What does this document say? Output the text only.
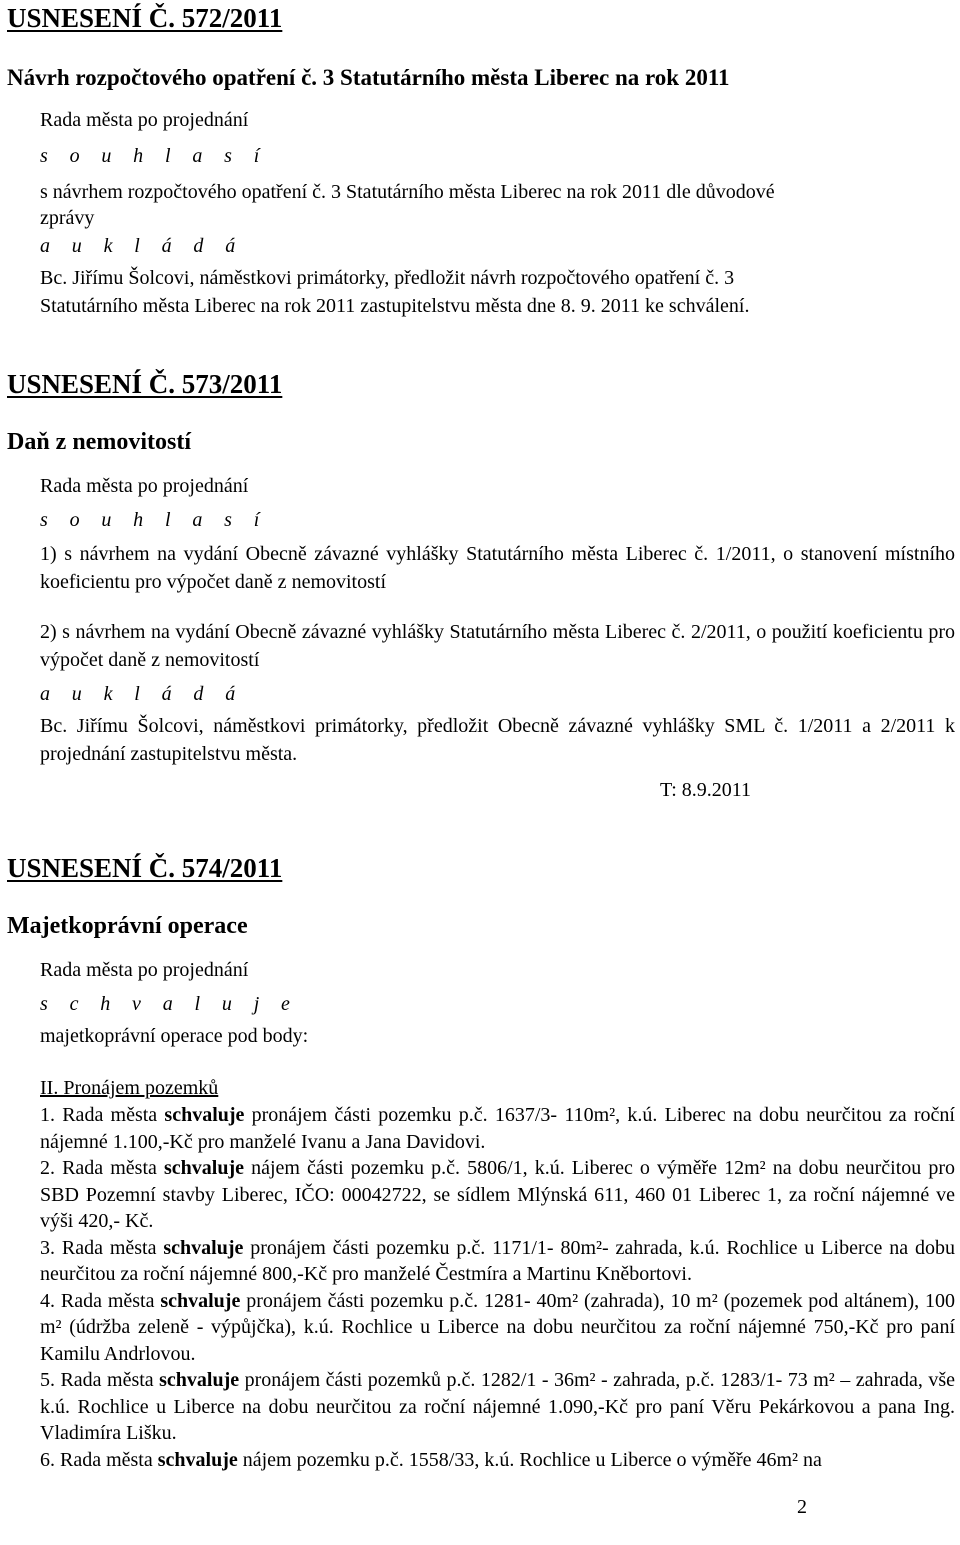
USNESENÍ Č. 572/2011
Návrh rozpočtového opatření č. 3 Statutárního města Liberec na rok 2011
Rada města po projednání
s o u h l a s í
s návrhem rozpočtového opatření č. 3 Statutárního města Liberec na rok 2011 dle důvodové
zprávy
a u k l á d á
Bc. Jiřímu Šolcovi, náměstkovi primátorky, předložit návrh rozpočtového opatření č. 3
Statutárního města Liberec na rok 2011 zastupitelstvu města dne 8. 9. 2011 ke schválení.
USNESENÍ Č. 573/2011
Daň z nemovitostí
Rada města po projednání
s o u h l a s í
1) s návrhem na vydání Obecně závazné vyhlášky Statutárního města Liberec č. 1/2011, o stanovení místního koeficientu pro výpočet daně z nemovitostí
2) s návrhem na vydání Obecně závazné vyhlášky Statutárního města Liberec č. 2/2011, o použití koeficientu pro výpočet daně z nemovitostí
a u k l á d á
Bc. Jiřímu Šolcovi, náměstkovi primátorky, předložit Obecně závazné vyhlášky SML č. 1/2011 a 2/2011 k projednání zastupitelstvu města.
T: 8.9.2011
USNESENÍ Č. 574/2011
Majetkoprávní operace
Rada města po projednání
s c h v a l u j e
majetkoprávní operace pod body:
II. Pronájem pozemků

1. Rada města schvaluje pronájem části pozemku p.č. 1637/3- 110m², k.ú. Liberec na dobu neurčitou za roční nájemné 1.100,-Kč pro manželé Ivanu a Jana Davidovi.

2. Rada města schvaluje nájem části pozemku p.č. 5806/1, k.ú. Liberec o výměře 12m² na dobu neurčitou pro SBD Pozemní stavby Liberec, IČO: 00042722, se sídlem Mlýnská 611, 460 01 Liberec 1, za roční nájemné ve výši 420,- Kč.

3. Rada města schvaluje pronájem části pozemku p.č. 1171/1- 80m²- zahrada, k.ú. Rochlice u Liberce na dobu neurčitou za roční nájemné 800,-Kč pro manželé Čestmíra a Martinu Kněbortovi.

4. Rada města schvaluje pronájem části pozemku p.č. 1281- 40m² (zahrada), 10 m² (pozemek pod altánem), 100 m² (údržba zeleně - výpůjčka), k.ú. Rochlice u Liberce na dobu neurčitou za roční nájemné 750,-Kč pro paní Kamilu Andrlovou.

5. Rada města schvaluje pronájem části pozemků p.č. 1282/1 - 36m² - zahrada, p.č. 1283/1- 73 m² – zahrada, vše k.ú. Rochlice u Liberce na dobu neurčitou za roční nájemné 1.090,-Kč pro paní Věru Pekárkovou a pana Ing. Vladimíra Lišku.

6. Rada města schvaluje nájem pozemku p.č. 1558/33, k.ú. Rochlice u Liberce o výměře 46m² na

2
